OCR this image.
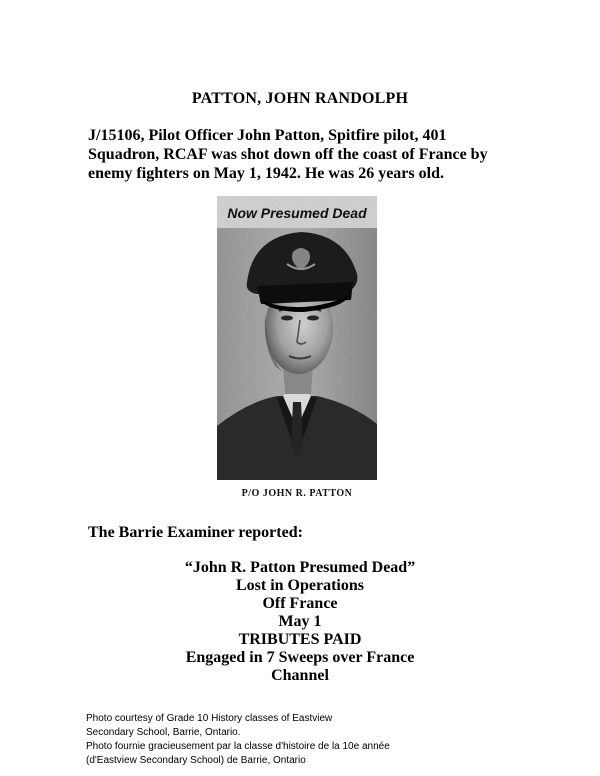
PATTON, JOHN RANDOLPH

J/15106, Pilot Officer John Patton, Spitfire pilot, 401

Squadron, RCAF was shot down off the coast of France by

enemy fighters on May 1, 1942. He was 26 years old.

Now Presumed Dead
P/O JOHN R. PATTON
The Barrie Examiner reported:
“John R. Patton Presumed Dead”
Lost in Operations
Off France
May 1
TRIBUTES PAID
Engaged in 7 Sweeps over France
Channel
Photo courtesy of Grade 10 History classes of Eastview
Secondary School, Barrie, Ontario.
Photo fournie gracieusement par la classe d'histoire de la 10e année
(d'Eastview Secondary School) de Barrie, Ontario
